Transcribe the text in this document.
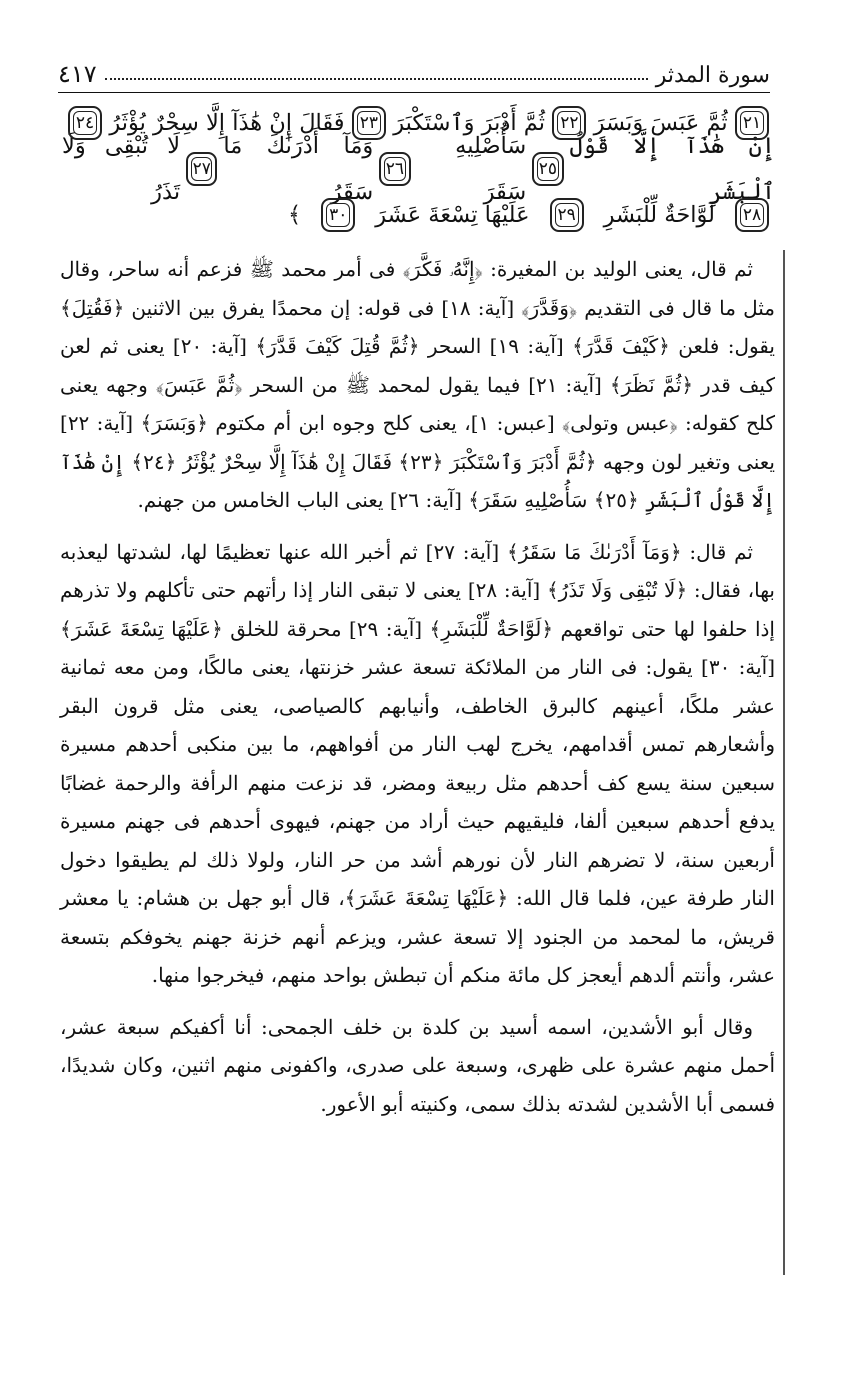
سورة المدثر
٤١٧
٢١
ثُمَّ عَبَسَ وَبَسَرَ
٢٢
ثُمَّ أَدْبَرَ وَٱسْتَكْبَرَ
٢٣
فَقَالَ إِنْ هَٰذَآ إِلَّا سِحْرٌ يُؤْثَرُ
٢٤
إِنْ هَٰذَآ إِلَّا قَوْلُ ٱلْبَشَرِ
٢٥
سَأُصْلِيهِ سَقَرَ
٢٦
وَمَآ أَدْرَىٰكَ مَا سَقَرُ
٢٧
لَا تُبْقِى وَلَا تَذَرُ
٢٨
لَوَّاحَةٌ لِّلْبَشَرِ
٢٩
عَلَيْهَا تِسْعَةَ عَشَرَ
٣٠
﴾

ثم قال، يعنى الوليد بن المغيرة: ﴿إِنَّهُۥ فَكَّرَ﴾ فى أمر محمد ﷺ فزعم أنه ساحر، وقال مثل ما قال فى التقديم ﴿وَقَدَّرَ﴾ [آية: ١٨] فى قوله: إن محمدًا يفرق بين الاثنين ﴿فَقُتِلَ﴾ يقول: فلعن ﴿كَيْفَ قَدَّرَ﴾ [آية: ١٩] السحر ﴿ثُمَّ قُتِلَ كَيْفَ قَدَّرَ﴾ [آية: ٢٠] يعنى ثم لعن كيف قدر ﴿ثُمَّ نَظَرَ﴾ [آية: ٢١] فيما يقول لمحمد ﷺ من السحر ﴿ثُمَّ عَبَسَ﴾ وجهه يعنى كلح كقوله: ﴿عبس وتولى﴾ [عبس: ١]، يعنى كلح وجوه ابن أم مكتوم ﴿وَبَسَرَ﴾ [آية: ٢٢] يعنى وتغير لون وجهه ﴿ثُمَّ أَدْبَرَ وَٱسْتَكْبَرَ ﴿٢٣﴾ فَقَالَ إِنْ هَٰذَآ إِلَّا سِحْرٌ يُؤْثَرُ ﴿٢٤﴾ إِنْ هَٰذَآ إِلَّا قَوْلُ ٱلْبَشَرِ ﴿٢٥﴾ سَأُصْلِيهِ سَقَرَ﴾ [آية: ٢٦] يعنى الباب الخامس من جهنم.

ثم قال: ﴿وَمَآ أَدْرَىٰكَ مَا سَقَرُ﴾ [آية: ٢٧] ثم أخبر الله عنها تعظيمًا لها، لشدتها ليعذبه بها، فقال: ﴿لَا تُبْقِى وَلَا تَذَرُ﴾ [آية: ٢٨] يعنى لا تبقى النار إذا رأتهم حتى تأكلهم ولا تذرهم إذا حلفوا لها حتى تواقعهم ﴿لَوَّاحَةٌ لِّلْبَشَرِ﴾ [آية: ٢٩] محرقة للخلق ﴿عَلَيْهَا تِسْعَةَ عَشَرَ﴾ [آية: ٣٠] يقول: فى النار من الملائكة تسعة عشر خزنتها، يعنى مالكًا، ومن معه ثمانية عشر ملكًا، أعينهم كالبرق الخاطف، وأنيابهم كالصياصى، يعنى مثل قرون البقر وأشعارهم تمس أقدامهم، يخرج لهب النار من أفواههم، ما بين منكبى أحدهم مسيرة سبعين سنة يسع كف أحدهم مثل ربيعة ومضر، قد نزعت منهم الرأفة والرحمة غضابًا يدفع أحدهم سبعين ألفا، فليقيهم حيث أراد من جهنم، فيهوى أحدهم فى جهنم مسيرة أربعين سنة، لا تضرهم النار لأن نورهم أشد من حر النار، ولولا ذلك لم يطيقوا دخول النار طرفة عين، فلما قال الله: ﴿عَلَيْهَا تِسْعَةَ عَشَرَ﴾، قال أبو جهل بن هشام: يا معشر قريش، ما لمحمد من الجنود إلا تسعة عشر، ويزعم أنهم خزنة جهنم يخوفكم بتسعة عشر، وأنتم ألدهم أيعجز كل مائة منكم أن تبطش بواحد منهم، فيخرجوا منها.

وقال أبو الأشدين، اسمه أسيد بن كلدة بن خلف الجمحى: أنا أكفيكم سبعة عشر، أحمل منهم عشرة على ظهرى، وسبعة على صدرى، واكفونى منهم اثنين، وكان شديدًا، فسمى أبا الأشدين لشدته بذلك سمى، وكنيته أبو الأعور.
